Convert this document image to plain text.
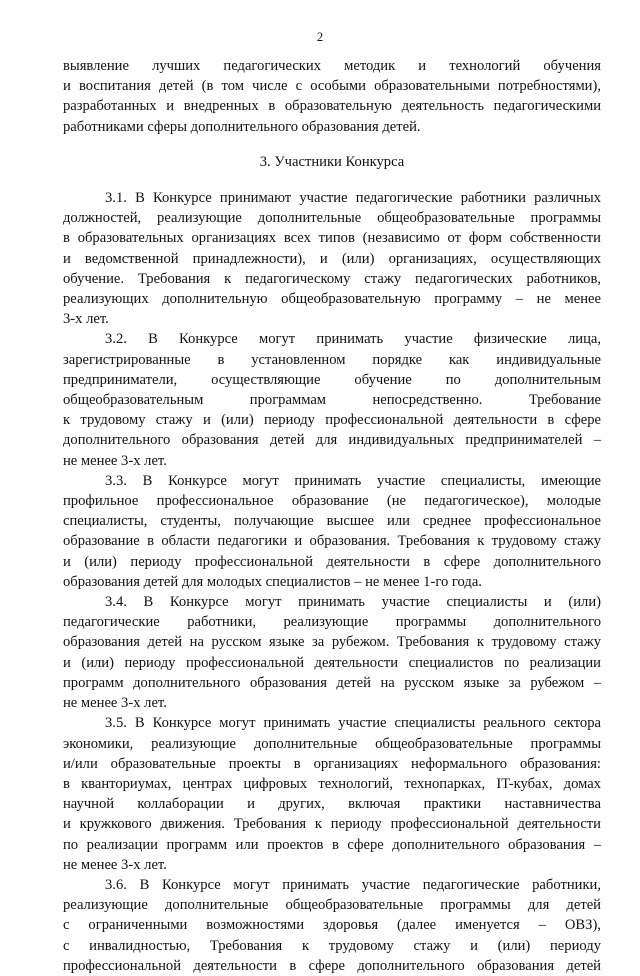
2
выявление лучших педагогических методик и технологий обучения
и воспитания детей (в том числе с особыми образовательными потребностями),
разработанных и внедренных в образовательную деятельность педагогическими
работниками сферы дополнительного образования детей.
3. Участники Конкурса
3.1. В Конкурсе принимают участие педагогические работники различных
должностей, реализующие дополнительные общеобразовательные программы
в образовательных организациях всех типов (независимо от форм собственности
и ведомственной принадлежности), и (или) организациях, осуществляющих
обучение. Требования к педагогическому стажу педагогических работников,
реализующих дополнительную общеобразовательную программу – не менее
3-х лет.
3.2. В Конкурсе могут принимать участие физические лица,
зарегистрированные в установленном порядке как индивидуальные
предприниматели, осуществляющие обучение по дополнительным
общеобразовательным программам непосредственно. Требование
к трудовому стажу и (или) периоду профессиональной деятельности в сфере
дополнительного образования детей для индивидуальных предпринимателей –
не менее 3-х лет.
3.3. В Конкурсе могут принимать участие специалисты, имеющие
профильное профессиональное образование (не педагогическое), молодые
специалисты, студенты, получающие высшее или среднее профессиональное
образование в области педагогики и образования. Требования к трудовому стажу
и (или) периоду профессиональной деятельности в сфере дополнительного
образования детей для молодых специалистов – не менее 1-го года.
3.4. В Конкурсе могут принимать участие специалисты и (или)
педагогические работники, реализующие программы дополнительного
образования детей на русском языке за рубежом. Требования к трудовому стажу
и (или) периоду профессиональной деятельности специалистов по реализации
программ дополнительного образования детей на русском языке за рубежом –
не менее 3-х лет.
3.5. В Конкурсе могут принимать участие специалисты реального сектора
экономики, реализующие дополнительные общеобразовательные программы
и/или образовательные проекты в организациях неформального образования:
в кванториумах, центрах цифровых технологий, технопарках, IT-кубах, домах
научной коллаборации и других, включая практики наставничества
и кружкового движения. Требования к периоду профессиональной деятельности
по реализации программ или проектов в сфере дополнительного образования –
не менее 3-х лет.
3.6. В Конкурсе могут принимать участие педагогические работники,
реализующие дополнительные общеобразовательные программы для детей
с ограниченными возможностями здоровья (далее именуется – ОВЗ),
с инвалидностью, Требования к трудовому стажу и (или) периоду
профессиональной деятельности в сфере дополнительного образования детей
